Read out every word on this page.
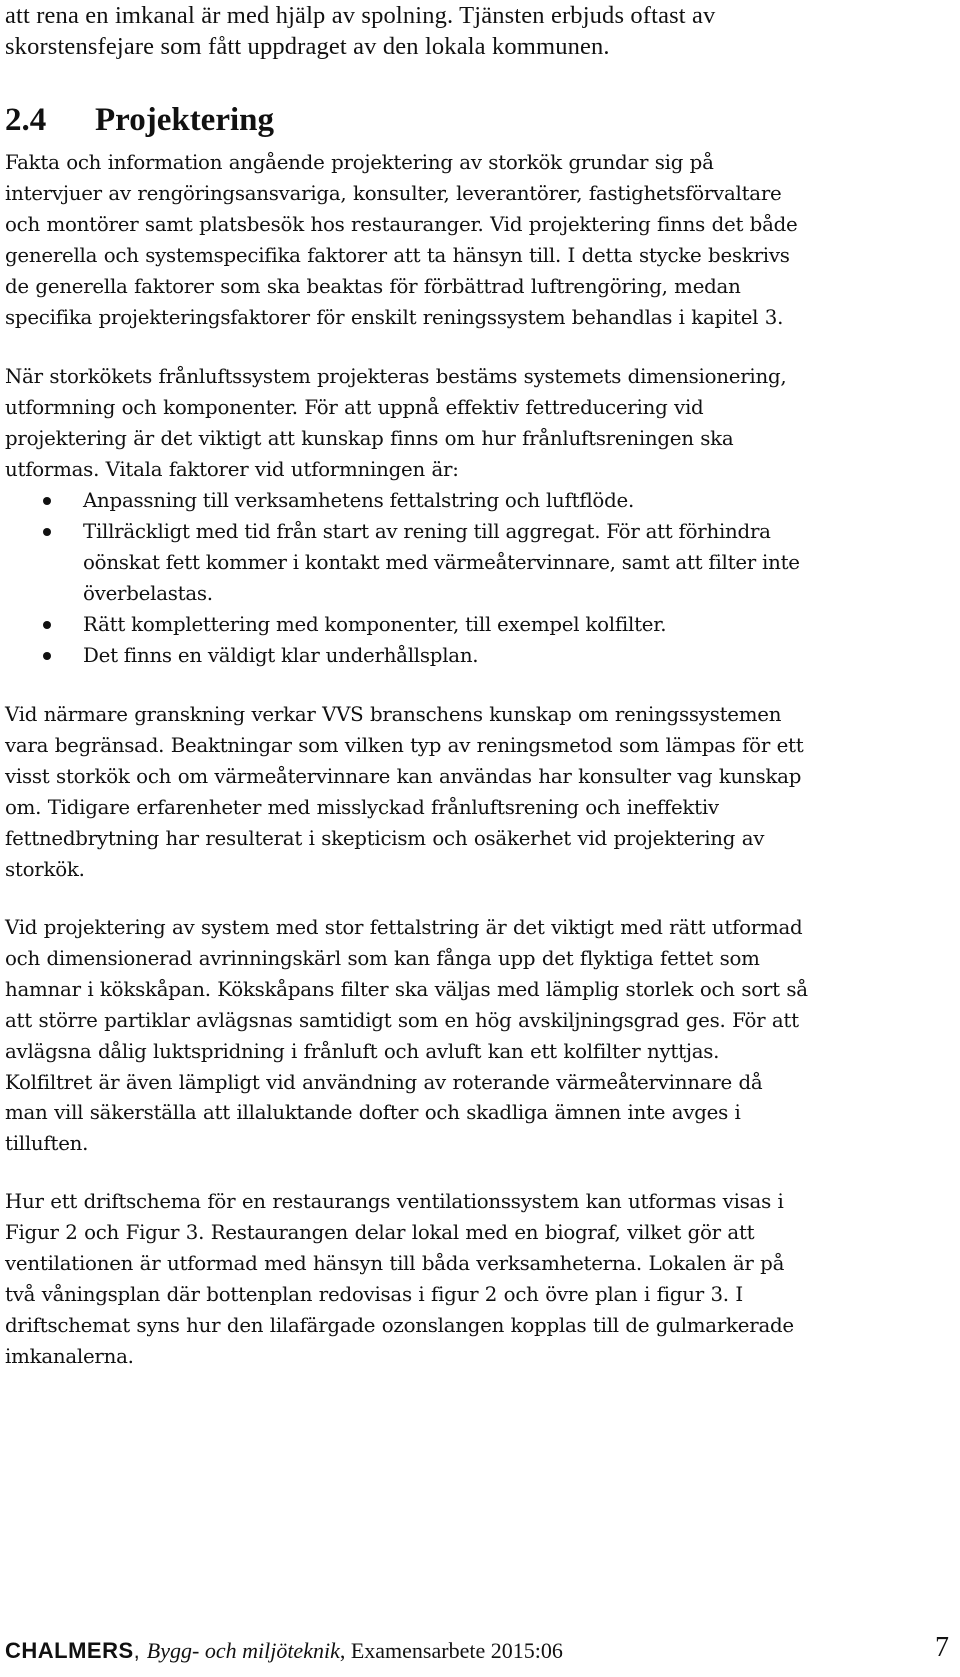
att rena en imkanal är med hjälp av spolning. Tjänsten erbjuds oftast av
skorstensfejare som fått uppdraget av den lokala kommunen.
2.4 Projektering
Fakta och information angående projektering av storkök grundar sig på
intervjuer av rengöringsansvariga, konsulter, leverantörer, fastighetsförvaltare
och montörer samt platsbesök hos restauranger. Vid projektering finns det både
generella och systemspecifika faktorer att ta hänsyn till. I detta stycke beskrivs
de generella faktorer som ska beaktas för förbättrad luftrengöring, medan
specifika projekteringsfaktorer för enskilt reningssystem behandlas i kapitel 3.
När storkökets frånluftssystem projekteras bestäms systemets dimensionering,
utformning och komponenter. För att uppnå effektiv fettreducering vid
projektering är det viktigt att kunskap finns om hur frånluftsreningen ska
utformas. Vitala faktorer vid utformningen är:
Anpassning till verksamhetens fettalstring och luftflöde.
Tillräckligt med tid från start av rening till aggregat. För att förhindra
oönskat fett kommer i kontakt med värmeåtervinnare, samt att filter inte
överbelastas.
Rätt komplettering med komponenter, till exempel kolfilter.
Det finns en väldigt klar underhållsplan.
Vid närmare granskning verkar VVS branschens kunskap om reningssystemen
vara begränsad. Beaktningar som vilken typ av reningsmetod som lämpas för ett
visst storkök och om värmeåtervinnare kan användas har konsulter vag kunskap
om. Tidigare erfarenheter med misslyckad frånluftsrening och ineffektiv
fettnedbrytning har resulterat i skepticism och osäkerhet vid projektering av
storkök.
Vid projektering av system med stor fettalstring är det viktigt med rätt utformad
och dimensionerad avrinningskärl som kan fånga upp det flyktiga fettet som
hamnar i kökskåpan. Kökskåpans filter ska väljas med lämplig storlek och sort så
att större partiklar avlägsnas samtidigt som en hög avskiljningsgrad ges. För att
avlägsna dålig luktspridning i frånluft och avluft kan ett kolfilter nyttjas.
Kolfiltret är även lämpligt vid användning av roterande värmeåtervinnare då
man vill säkerställa att illaluktande dofter och skadliga ämnen inte avges i
tilluften.
Hur ett driftschema för en restaurangs ventilationssystem kan utformas visas i
Figur 2 och Figur 3. Restaurangen delar lokal med en biograf, vilket gör att
ventilationen är utformad med hänsyn till båda verksamheterna. Lokalen är på
två våningsplan där bottenplan redovisas i figur 2 och övre plan i figur 3. I
driftschemat syns hur den lilafärgade ozonslangen kopplas till de gulmarkerade
imkanalerna.
CHALMERS, Bygg- och miljöteknik, Examensarbete 2015:06	7
